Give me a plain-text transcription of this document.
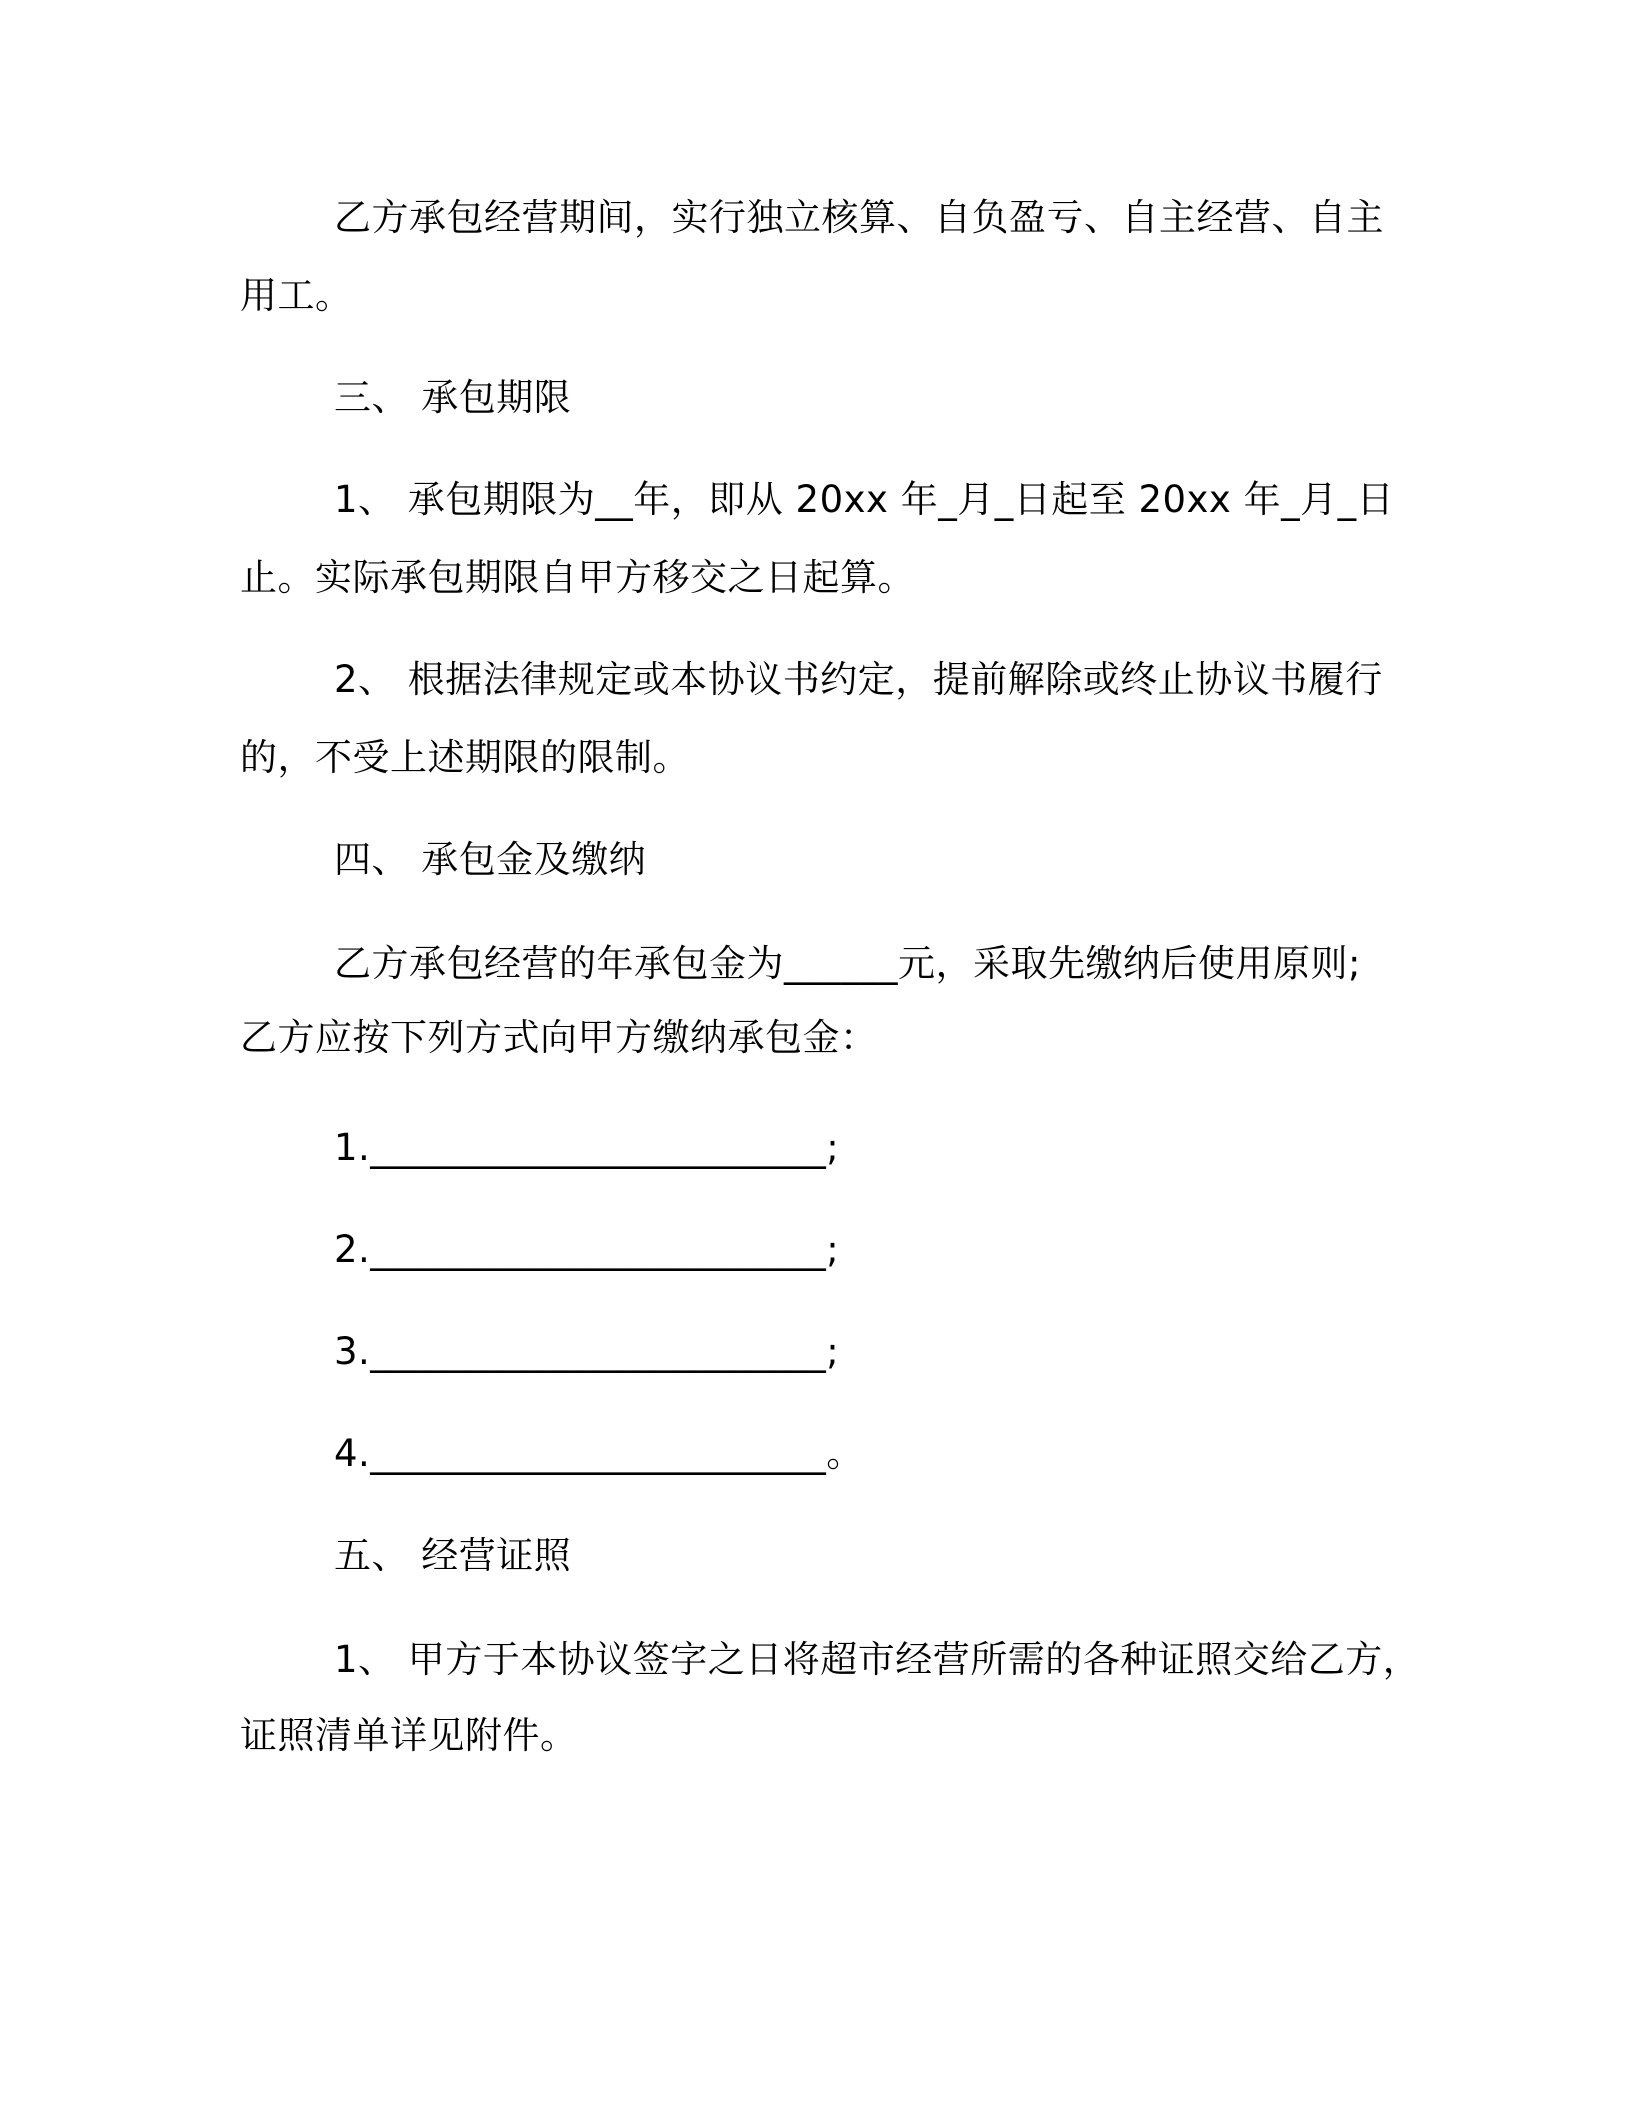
乙方承包经营期间，实行独立核算、自负盈亏、自主经营、自主
用工。
三、 承包期限
1、 承包期限为__年，即从 20xx 年_月_日起至 20xx 年_月_日
止。实际承包期限自甲方移交之日起算。
2、 根据法律规定或本协议书约定，提前解除或终止协议书履行
的，不受上述期限的限制。
四、 承包金及缴纳
乙方承包经营的年承包金为______元，采取先缴纳后使用原则;
乙方应按下列方式向甲方缴纳承包金：
1.________________________;
2.________________________;
3.________________________;
4.________________________。
五、 经营证照
1、 甲方于本协议签字之日将超市经营所需的各种证照交给乙方，
证照清单详见附件。
